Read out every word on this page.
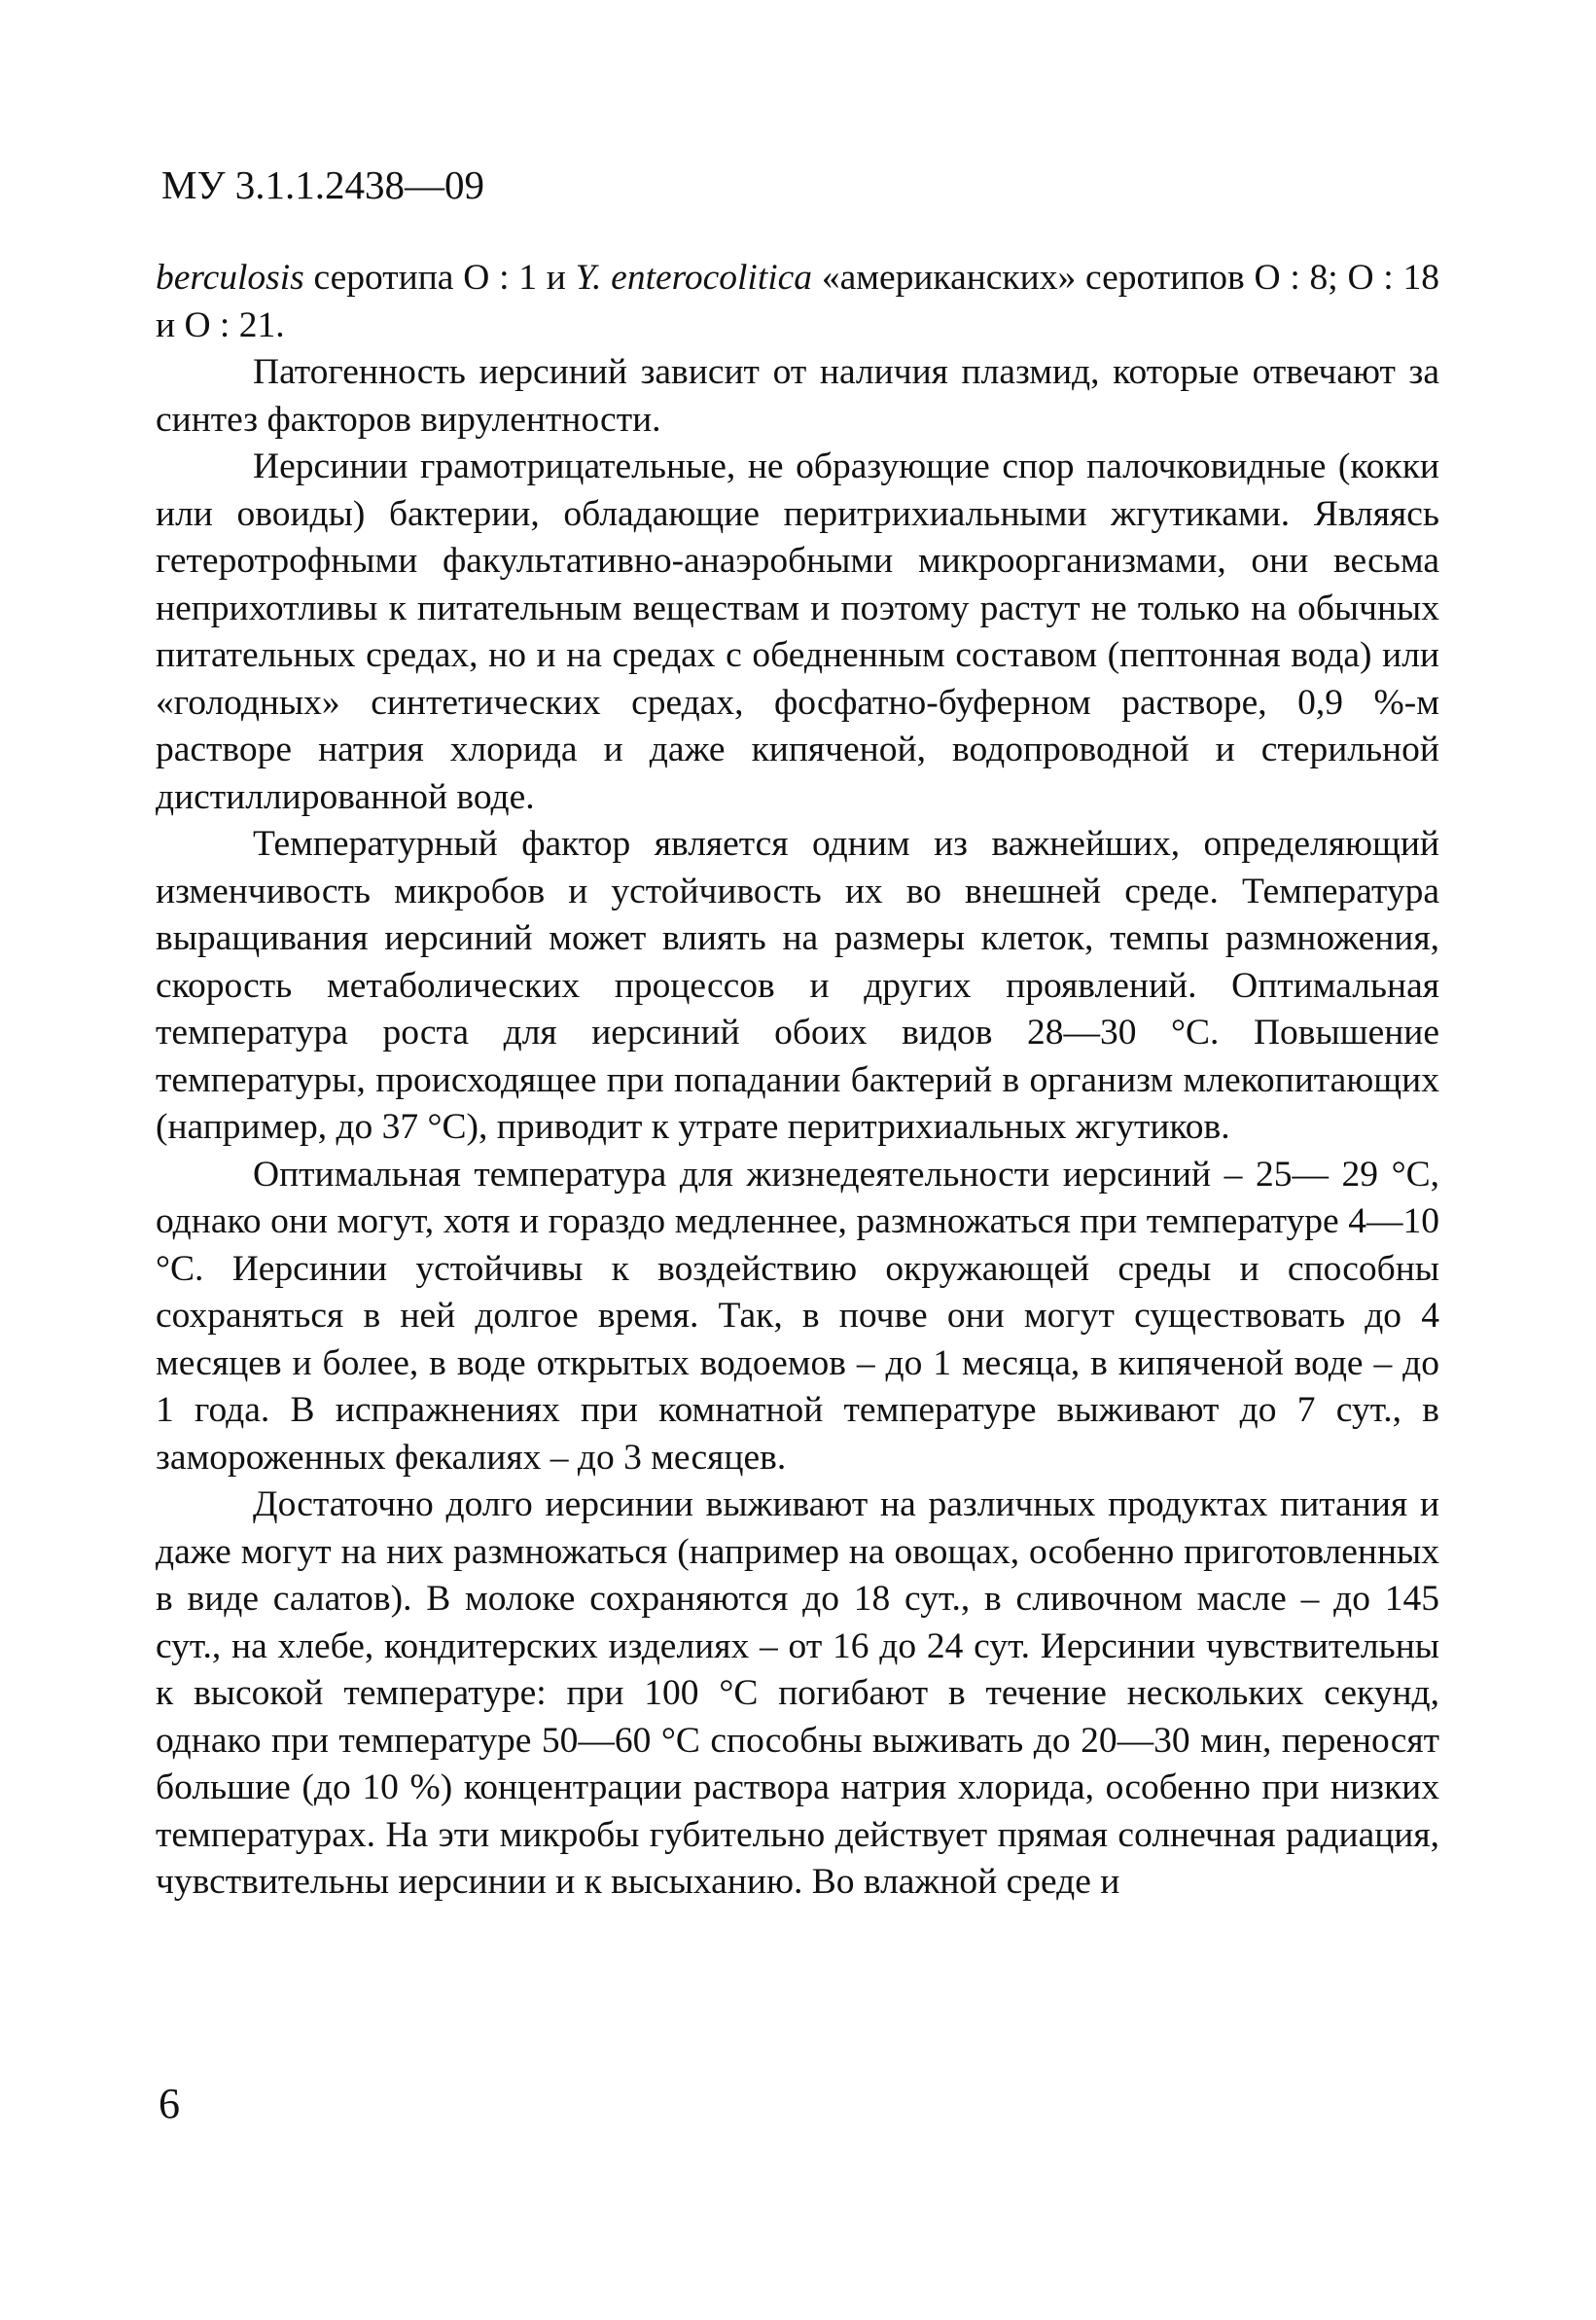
МУ 3.1.1.2438—09

berculosis серотипа О : 1 и Y. enterocolitica «американских» серотипов О : 8; О : 18 и О : 21.

Патогенность иерсиний зависит от наличия плазмид, которые отвечают за синтез факторов вирулентности.

Иерсинии грамотрицательные, не образующие спор палочковидные (кокки или овоиды) бактерии, обладающие перитрихиальными жгутиками. Являясь гетеротрофными факультативно-анаэробными микроорганизмами, они весьма неприхотливы к питательным веществам и поэтому растут не только на обычных питательных средах, но и на средах с обедненным составом (пептонная вода) или «голодных» синтетических средах, фосфатно-буферном растворе, 0,9 %-м растворе натрия хлорида и даже кипяченой, водопроводной и стерильной дистиллированной воде.

Температурный фактор является одним из важнейших, определяющий изменчивость микробов и устойчивость их во внешней среде. Температура выращивания иерсиний может влиять на размеры клеток, темпы размножения, скорость метаболических процессов и других проявлений. Оптимальная температура роста для иерсиний обоих видов 28—30 °С. Повышение температуры, происходящее при попадании бактерий в организм млекопитающих (например, до 37 °С), приводит к утрате перитрихиальных жгутиков.

Оптимальная температура для жизнедеятельности иерсиний – 25— 29 °С, однако они могут, хотя и гораздо медленнее, размножаться при температуре 4—10 °С. Иерсинии устойчивы к воздействию окружающей среды и способны сохраняться в ней долгое время. Так, в почве они могут существовать до 4 месяцев и более, в воде открытых водоемов – до 1 месяца, в кипяченой воде – до 1 года. В испражнениях при комнатной температуре выживают до 7 сут., в замороженных фекалиях – до 3 месяцев.

Достаточно долго иерсинии выживают на различных продуктах питания и даже могут на них размножаться (например на овощах, особенно приготовленных в виде салатов). В молоке сохраняются до 18 сут., в сливочном масле – до 145 сут., на хлебе, кондитерских изделиях – от 16 до 24 сут. Иерсинии чувствительны к высокой температуре: при 100 °С погибают в течение нескольких секунд, однако при температуре 50—60 °С способны выживать до 20—30 мин, переносят большие (до 10 %) концентрации раствора натрия хлорида, особенно при низких температурах. На эти микробы губительно действует прямая солнечная радиация, чувствительны иерсинии и к высыханию. Во влажной среде и

6
